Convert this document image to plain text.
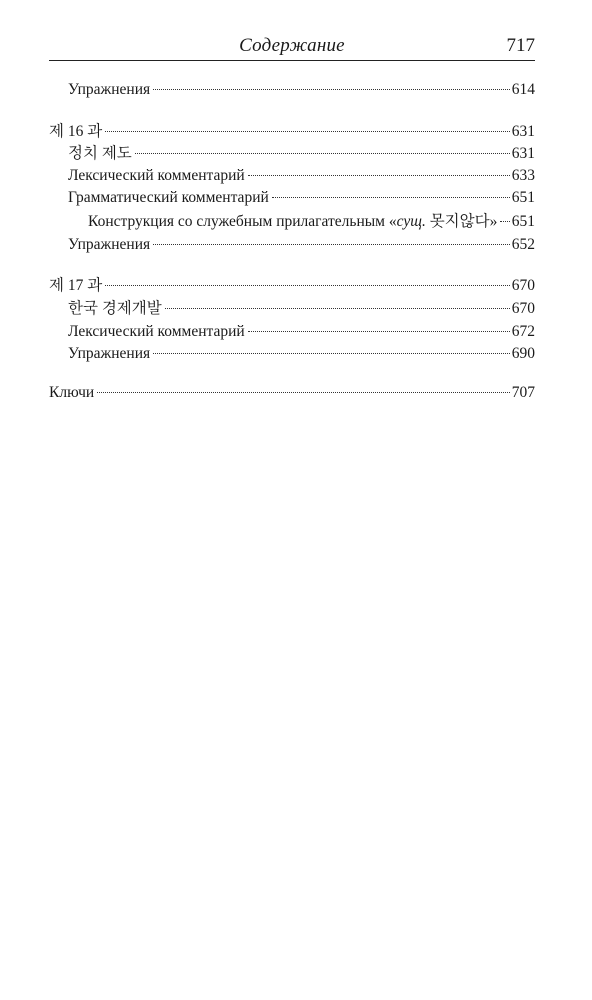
Содержание	717
Упражнения	614
제 16 과	631
정치 제도	631
Лексический комментарий	633
Грамматический комментарий	651
Конструкция со служебным прилагательным «сущ. 못지않다» 651
Упражнения	652
제 17 과	670
한국 경제개발	670
Лексический комментарий	672
Упражнения	690
Ключи	707
